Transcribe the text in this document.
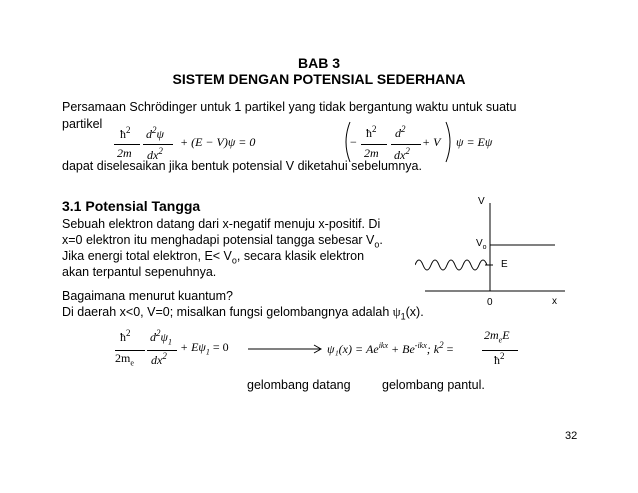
BAB 3
SISTEM DENGAN POTENSIAL SEDERHANA
Persamaan Schrödinger untuk 1 partikel yang tidak bergantung waktu untuk suatu
partikel
$ħ^2$
2m
$d^2\psi$
$dx^2$
+ (E − V)ψ = 0	−
$ħ^2$
2m
$d^2$
$dx^2$
+ V ψ = Eψ
dapat diselesaikan jika bentuk potensial V diketahui sebelumnya.
3.1 Potensial Tangga
Sebuah elektron datang dari x-negatif menuju x-positif. Di
x=0 elektron itu menghadapi potensial tangga sebesar $V_o$.
Jika energi total elektron, $E< V_o$, secara klasik elektron
akan terpantul sepenuhnya.
Bagaimana menurut kuantum?
Di daerah x<0, V=0; misalkan fungsi gelombangnya adalah $\psi_1(x)$.
V
$V_o$
E
0	x
$ħ^2$
$2m_e$
$d^2\psi_1$
$dx^2$
+ $E\psi_1 = 0$	$\psi_1(x) = Ae^{ikx} + Be^{-ikx}$; $k^2$ =
$2m_eE$
$ħ^2$
gelombang datang	gelombang pantul.
32
